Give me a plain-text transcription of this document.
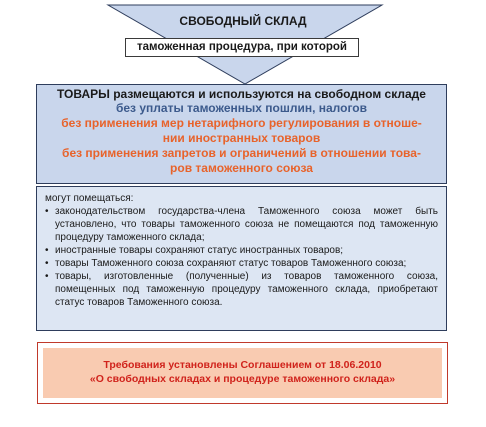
СВОБОДНЫЙ СКЛАД
таможенная процедура, при которой
ТОВАРЫ размещаются и используются на свободном складе
без уплаты таможенных пошлин, налогов
без применения мер нетарифного регулирования в отноше-
нии иностранных товаров
без применения запретов и ограничений в отношении това-
ров таможенного союза
могут помещаться:
• законодательством государства-члена Таможенного союза может быть установлено, что товары таможенного союза не помещаются под таможенную процедуру таможенного склада;
• иностранные товары сохраняют статус иностранных товаров;
• товары Таможенного союза сохраняют статус товаров Таможенного союза;
• товары, изготовленные (полученные) из товаров таможенного союза, помещенных под таможенную процедуру таможенного склада, приобретают статус товаров Таможенного союза.
Требования установлены Соглашением от 18.06.2010
«О свободных складах и процедуре таможенного склада»
